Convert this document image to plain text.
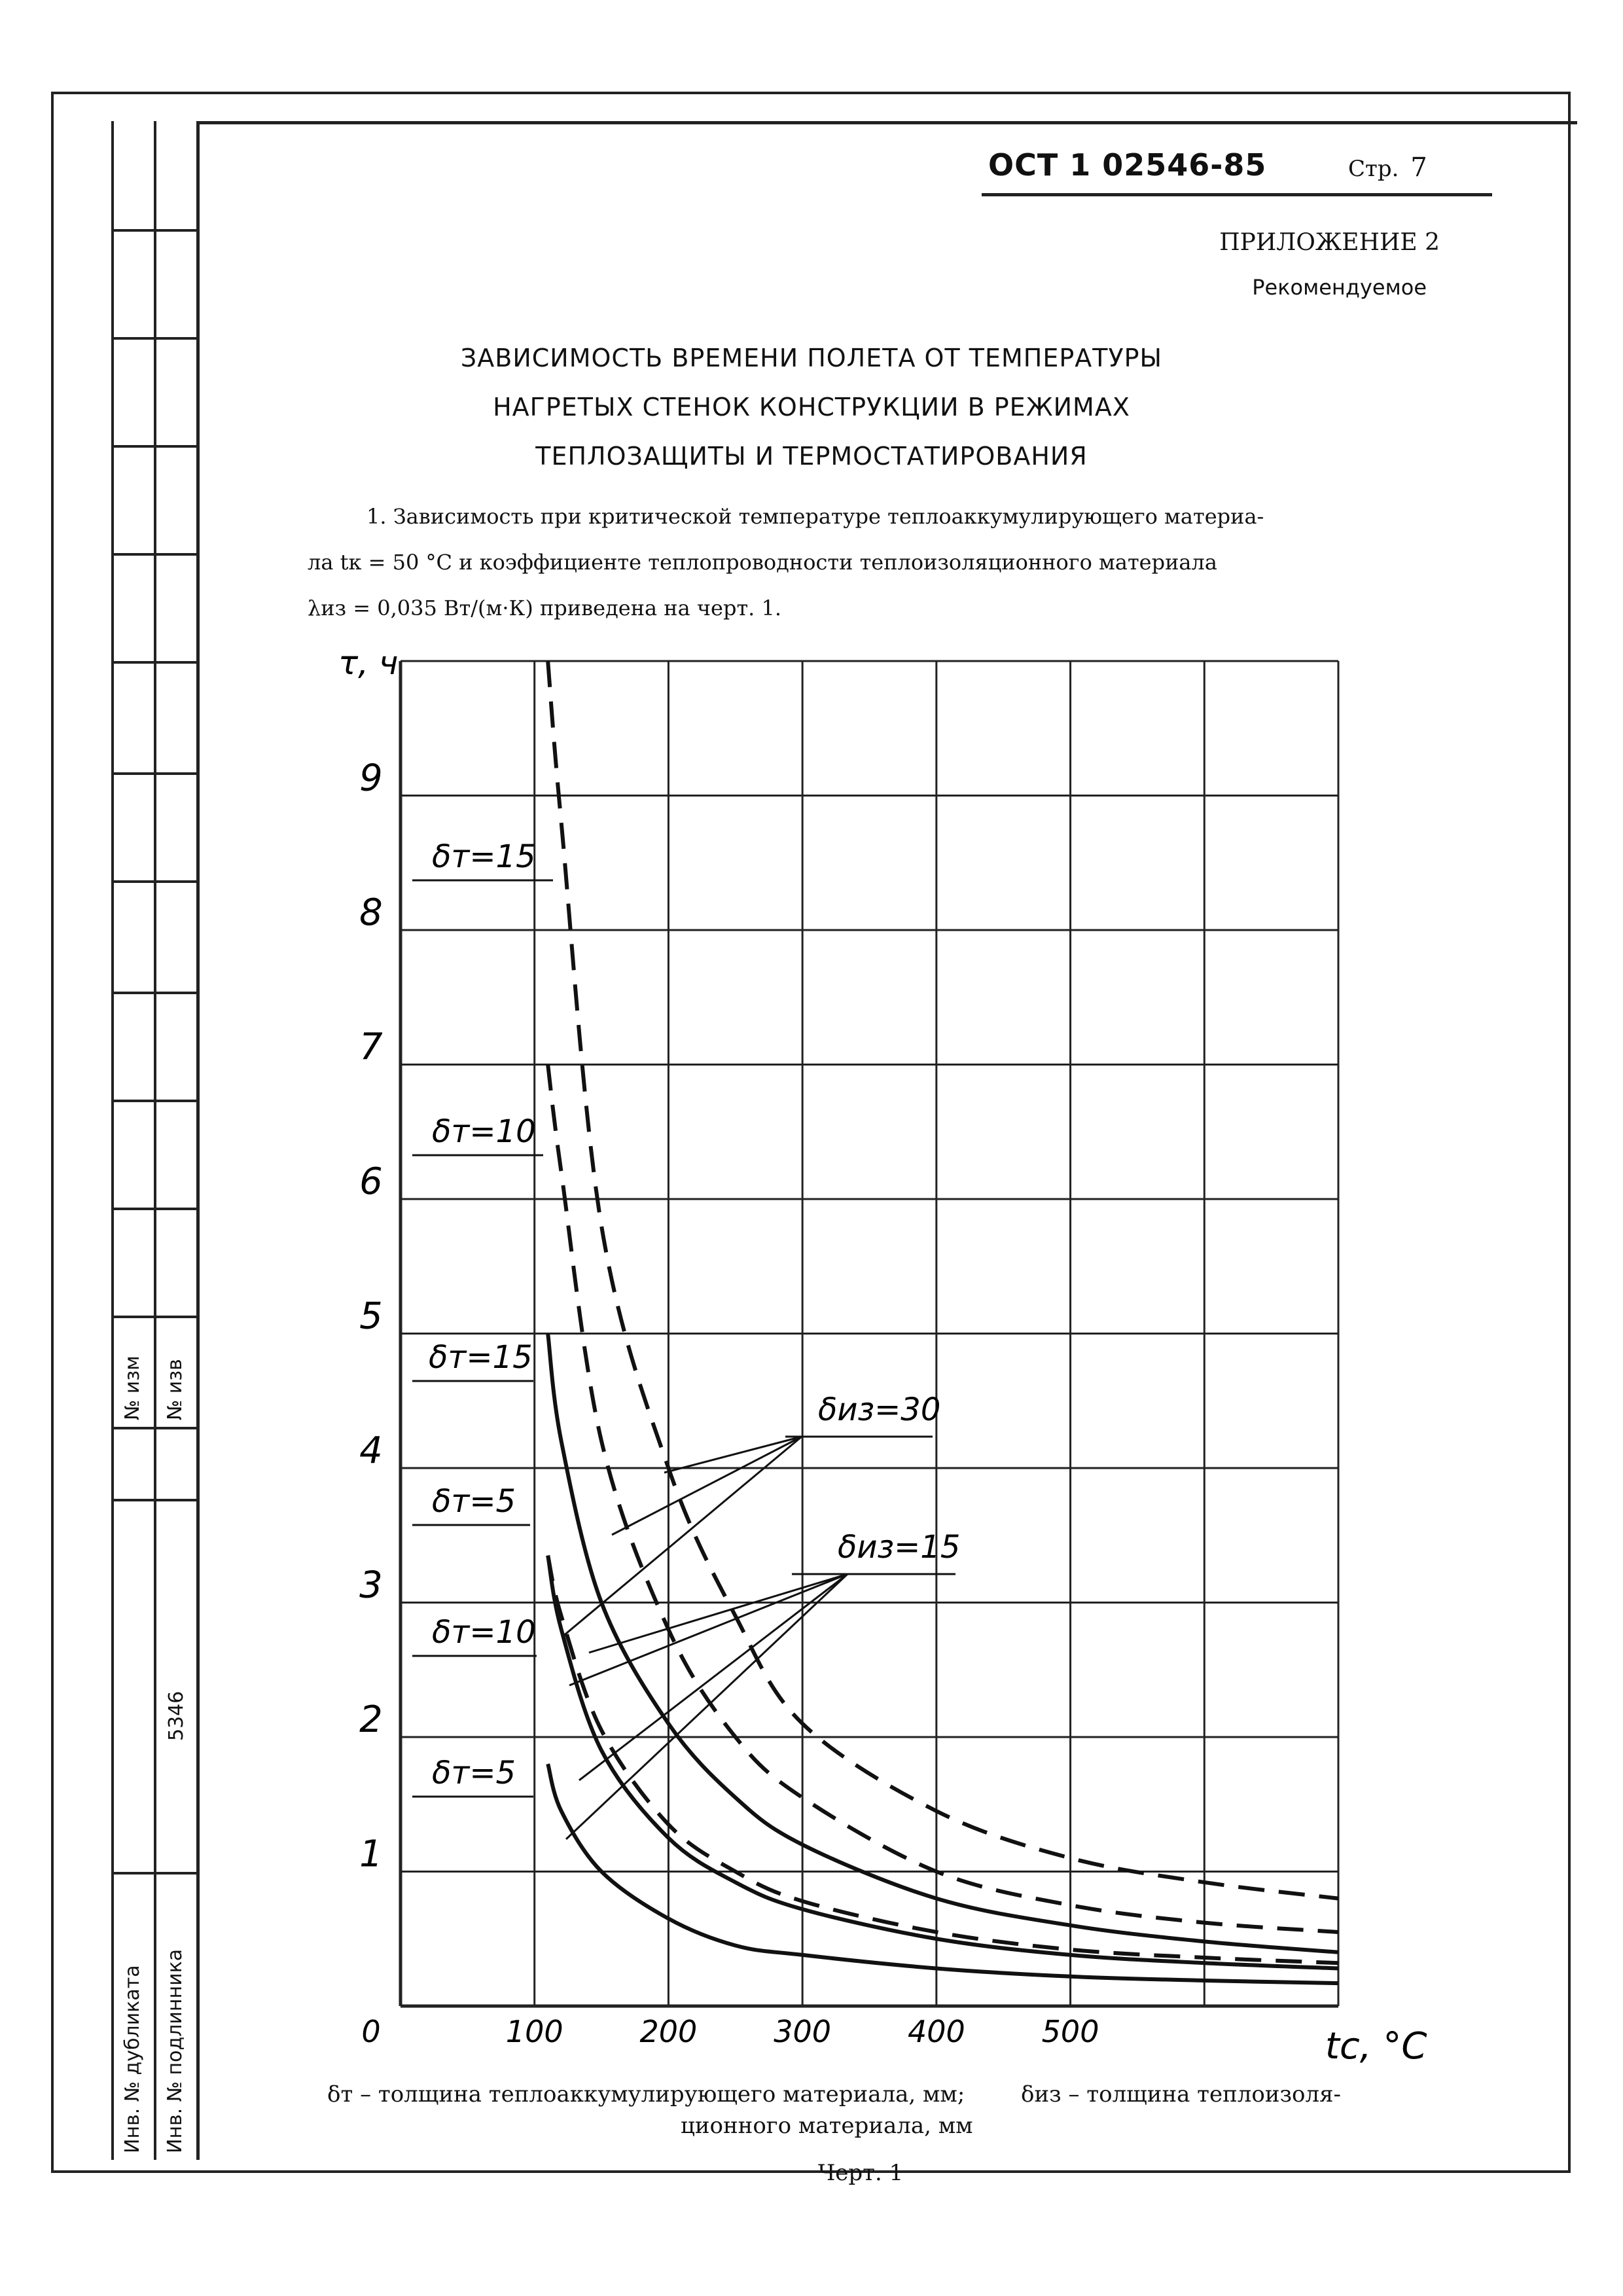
№ изм № изв
Инв. № дубликата Инв. № подлинника
5346
ОСТ 1 02546-85	Стр. 7
ПРИЛОЖЕНИЕ 2
Рекомендуемое
ЗАВИСИМОСТЬ ВРЕМЕНИ ПОЛЕТА ОТ ТЕМПЕРАТУРЫ
НАГРЕТЫХ СТЕНОК КОНСТРУКЦИИ В РЕЖИМАХ
ТЕПЛОЗАЩИТЫ И ТЕРМОСТАТИРОВАНИЯ
1. Зависимость при критической температуре теплоаккумулирующего материа-
ла tк = 50 °С и коэффициенте теплопроводности теплоизоляционного материала
λиз = 0,035 Вт/(м·К) приведена на черт. 1.
0	100	200	300	400	500
1
2
3
4
5
6
7
8
9
τ, ч
tc, °С
δт=15
δт=10
δт=15
δт=5
δт=10
δт=5
δиз=30
δиз=15
δт – толщина теплоаккумулирующего материала, мм;	δиз – толщина теплоизоля-
ционного материала, мм
Черт. 1
